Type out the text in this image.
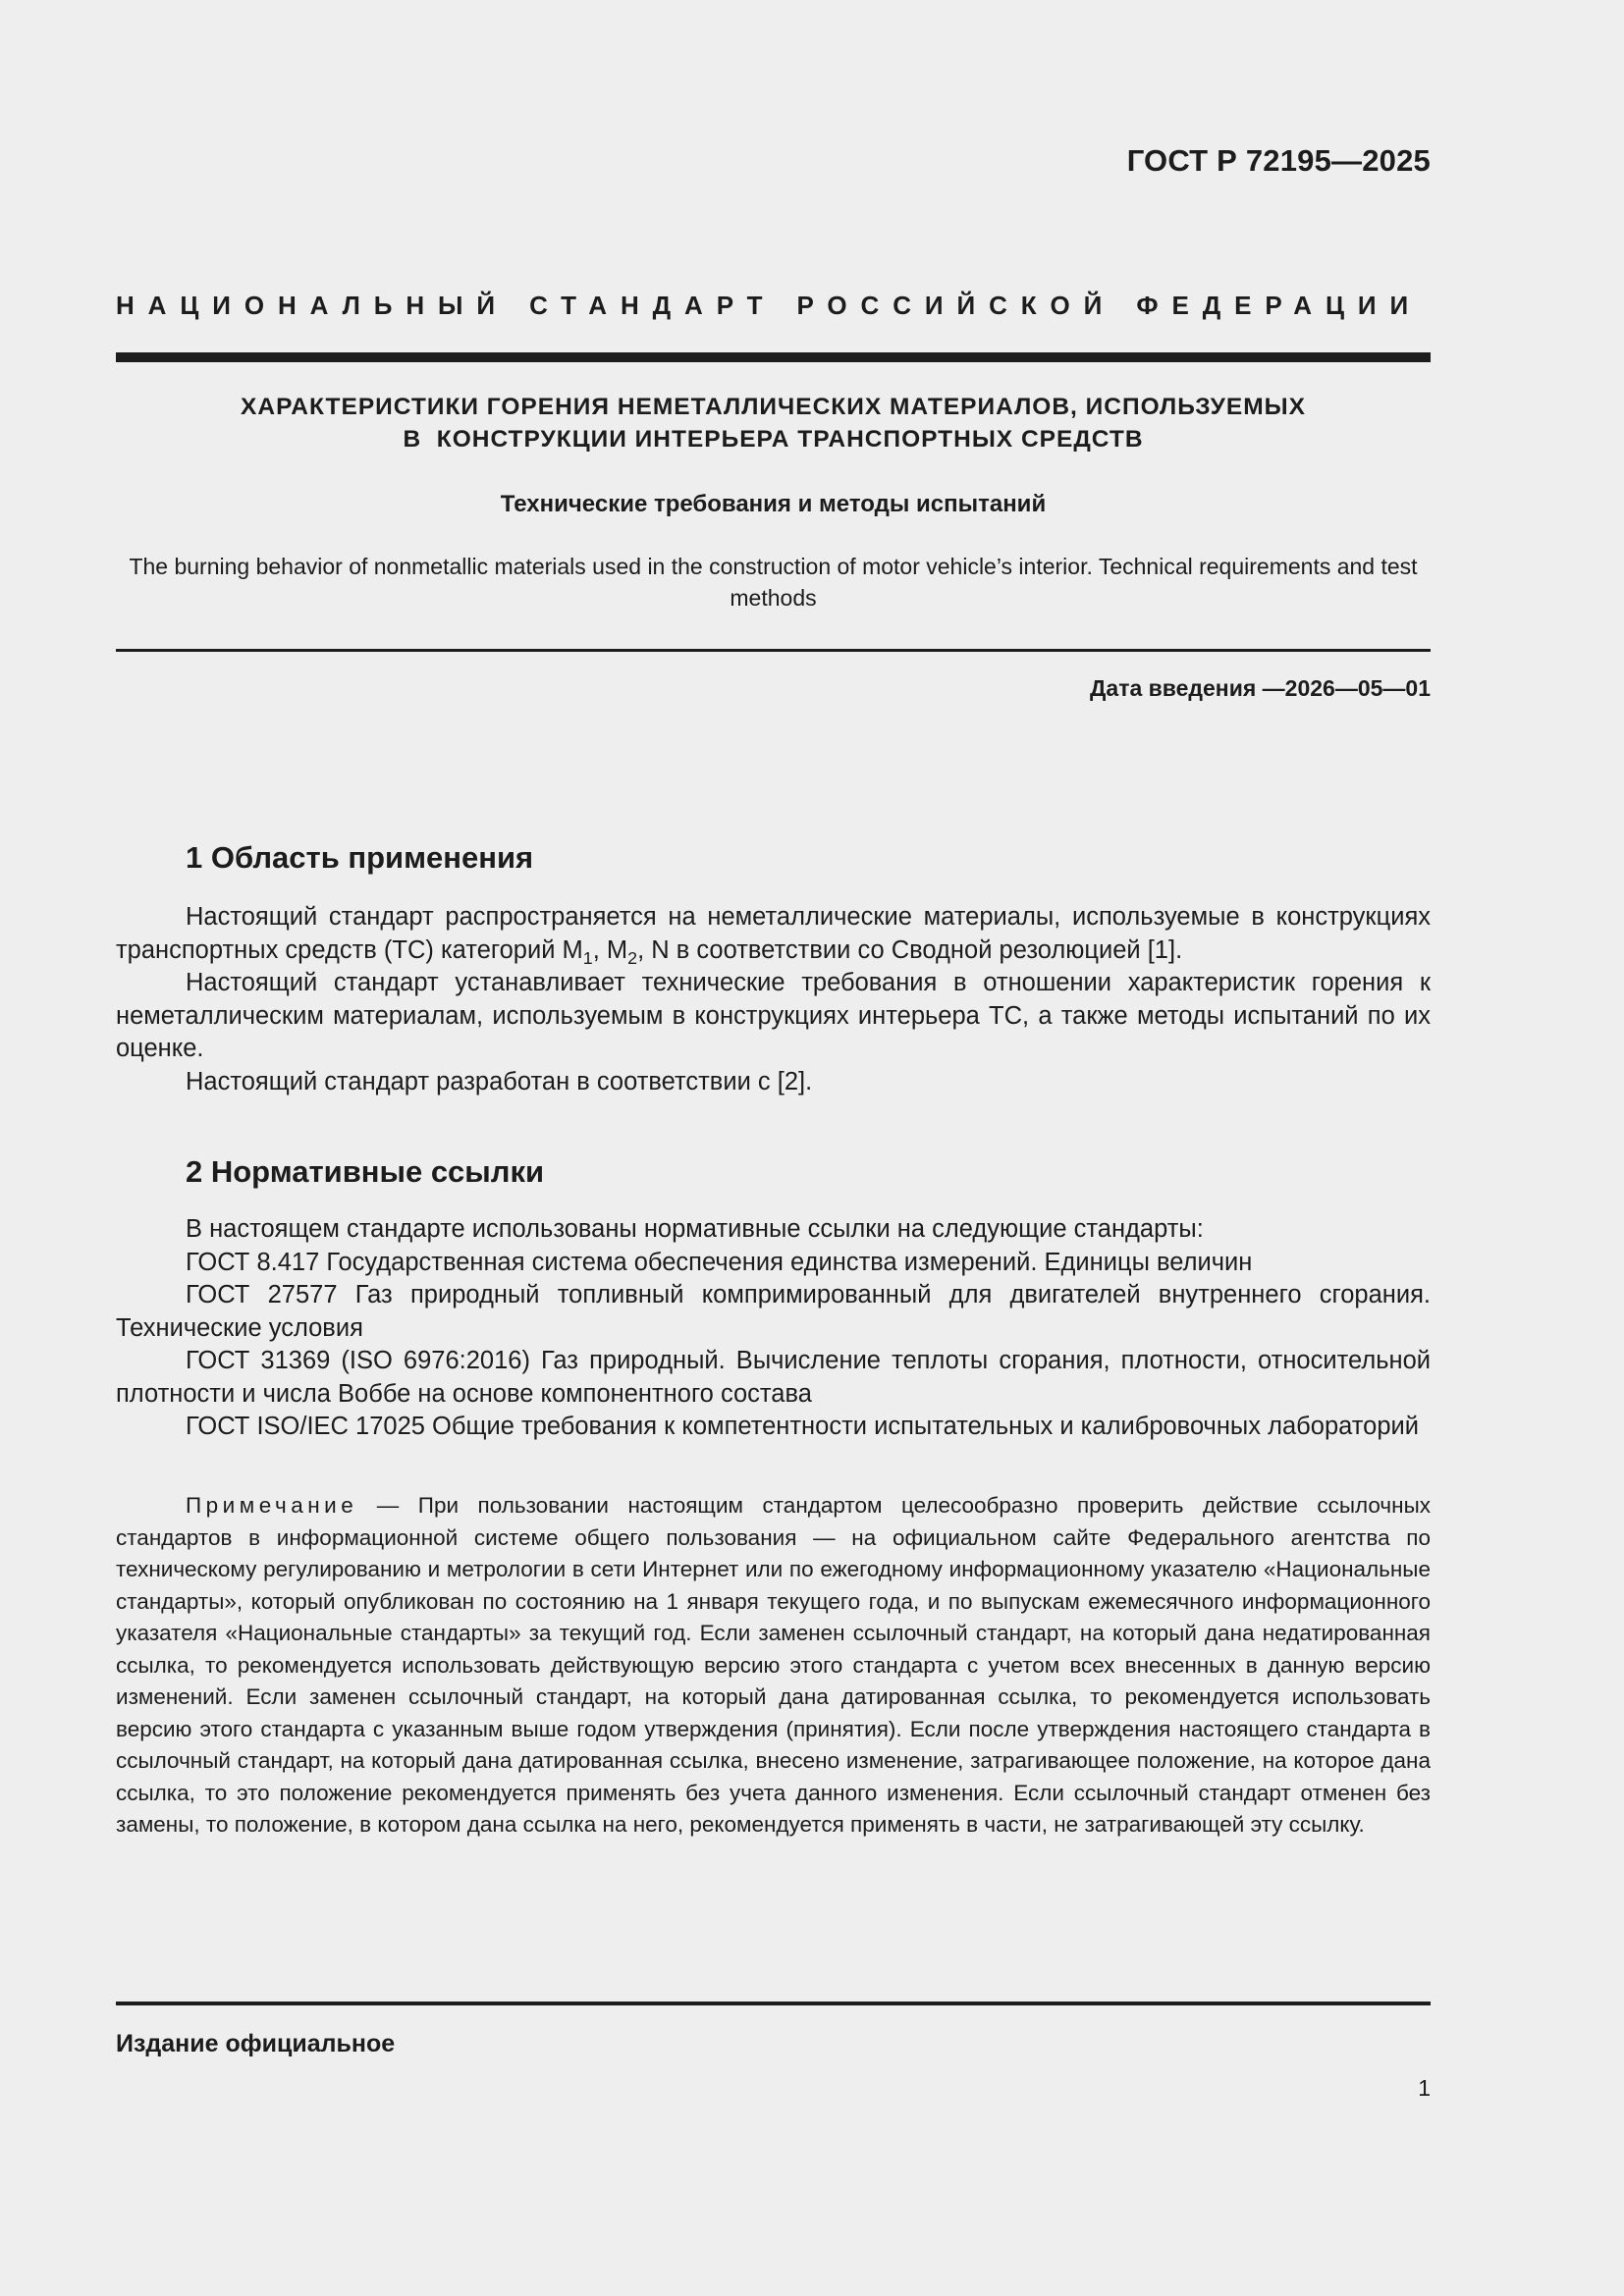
ГОСТ Р 72195—2025
НАЦИОНАЛЬНЫЙ СТАНДАРТ РОССИЙСКОЙ ФЕДЕРАЦИИ
ХАРАКТЕРИСТИКИ ГОРЕНИЯ НЕМЕТАЛЛИЧЕСКИХ МАТЕРИАЛОВ, ИСПОЛЬЗУЕМЫХ
В  КОНСТРУКЦИИ ИНТЕРЬЕРА ТРАНСПОРТНЫХ СРЕДСТВ
Технические требования и методы испытаний
The burning behavior of nonmetallic materials used in the construction of motor vehicle’s interior. Technical requirements and test methods
Дата введения —2026—05—01
1 Область применения

Настоящий стандарт распространяется на неметаллические материалы, используемые в конструкциях транспортных средств (ТС) категорий $M_1$, $M_2$, N в соответствии со Сводной резолюцией [1].

Настоящий стандарт устанавливает технические требования в отношении характеристик горения к неметаллическим материалам, используемым в конструкциях интерьера ТС, а также методы испытаний по их оценке.

Настоящий стандарт разработан в соответствии с [2].

2 Нормативные ссылки

В настоящем стандарте использованы нормативные ссылки на следующие стандарты:

ГОСТ 8.417 Государственная система обеспечения единства измерений. Единицы величин

ГОСТ 27577 Газ природный топливный компримированный для двигателей внутреннего сгорания. Технические условия

ГОСТ 31369 (ISO 6976:2016) Газ природный. Вычисление теплоты сгорания, плотности, относительной плотности и числа Воббе на основе компонентного состава

ГОСТ ISO/IEC 17025 Общие требования к компетентности испытательных и калибровочных лабораторий

Примечание — При пользовании настоящим стандартом целесообразно проверить действие ссылочных стандартов в информационной системе общего пользования — на официальном сайте Федерального агентства по техническому регулированию и метрологии в сети Интернет или по ежегодному информационному указателю «Национальные стандарты», который опубликован по состоянию на 1 января текущего года, и по выпускам ежемесячного информационного указателя «Национальные стандарты» за текущий год. Если заменен ссылочный стандарт, на который дана недатированная ссылка, то рекомендуется использовать действующую версию этого стандарта с учетом всех внесенных в данную версию изменений. Если заменен ссылочный стандарт, на который дана датированная ссылка, то рекомендуется использовать версию этого стандарта с указанным выше годом утверждения (принятия). Если после утверждения настоящего стандарта в ссылочный стандарт, на который дана датированная ссылка, внесено изменение, затрагивающее положение, на которое дана ссылка, то это положение рекомендуется применять без учета данного изменения. Если ссылочный стандарт отменен без замены, то положение, в котором дана ссылка на него, рекомендуется применять в части, не затрагивающей эту ссылку.
Издание официальное
1
